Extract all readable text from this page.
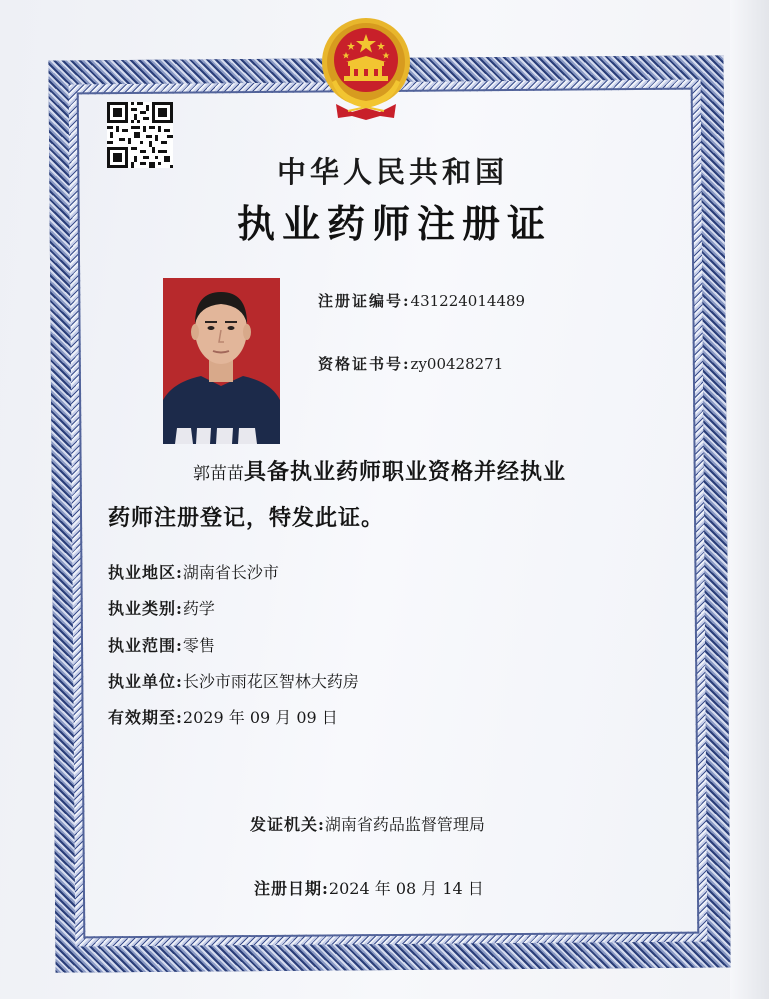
中华人民共和国
执业药师注册证
注册证编号:431224014489
资格证书号:zy00428271
郭苗苗具备执业药师职业资格并经执业
药师注册登记，特发此证。
执业地区:湖南省长沙市
执业类别:药学
执业范围:零售
执业单位:长沙市雨花区智林大药房
有效期至:2029 年 09 月 09 日
发证机关:湖南省药品监督管理局
注册日期:2024 年 08 月 14 日
